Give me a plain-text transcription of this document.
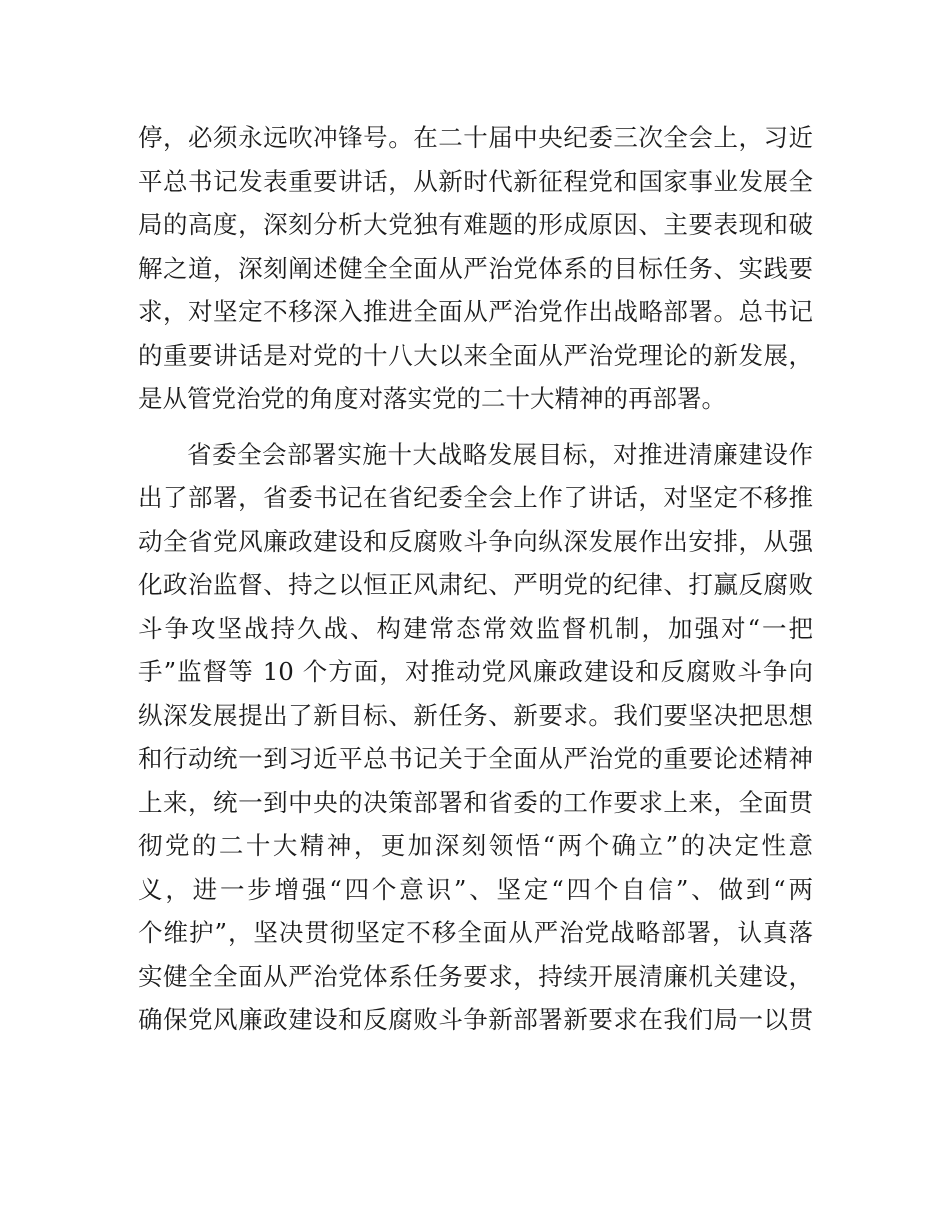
停，必须永远吹冲锋号。在二十届中央纪委三次全会上，习近
平总书记发表重要讲话，从新时代新征程党和国家事业发展全
局的高度，深刻分析大党独有难题的形成原因、主要表现和破
解之道，深刻阐述健全全面从严治党体系的目标任务、实践要
求，对坚定不移深入推进全面从严治党作出战略部署。总书记
的重要讲话是对党的十八大以来全面从严治党理论的新发展，
是从管党治党的角度对落实党的二十大精神的再部署。
省委全会部署实施十大战略发展目标，对推进清廉建设作
出了部署，省委书记在省纪委全会上作了讲话，对坚定不移推
动全省党风廉政建设和反腐败斗争向纵深发展作出安排，从强
化政治监督、持之以恒正风肃纪、严明党的纪律、打赢反腐败
斗争攻坚战持久战、构建常态常效监督机制，加强对“一把
手”监督等 10 个方面，对推动党风廉政建设和反腐败斗争向
纵深发展提出了新目标、新任务、新要求。我们要坚决把思想
和行动统一到习近平总书记关于全面从严治党的重要论述精神
上来，统一到中央的决策部署和省委的工作要求上来，全面贯
彻党的二十大精神，更加深刻领悟“两个确立”的决定性意
义，进一步增强“四个意识”、坚定“四个自信”、做到“两
个维护”，坚决贯彻坚定不移全面从严治党战略部署，认真落
实健全全面从严治党体系任务要求，持续开展清廉机关建设，
确保党风廉政建设和反腐败斗争新部署新要求在我们局一以贯
